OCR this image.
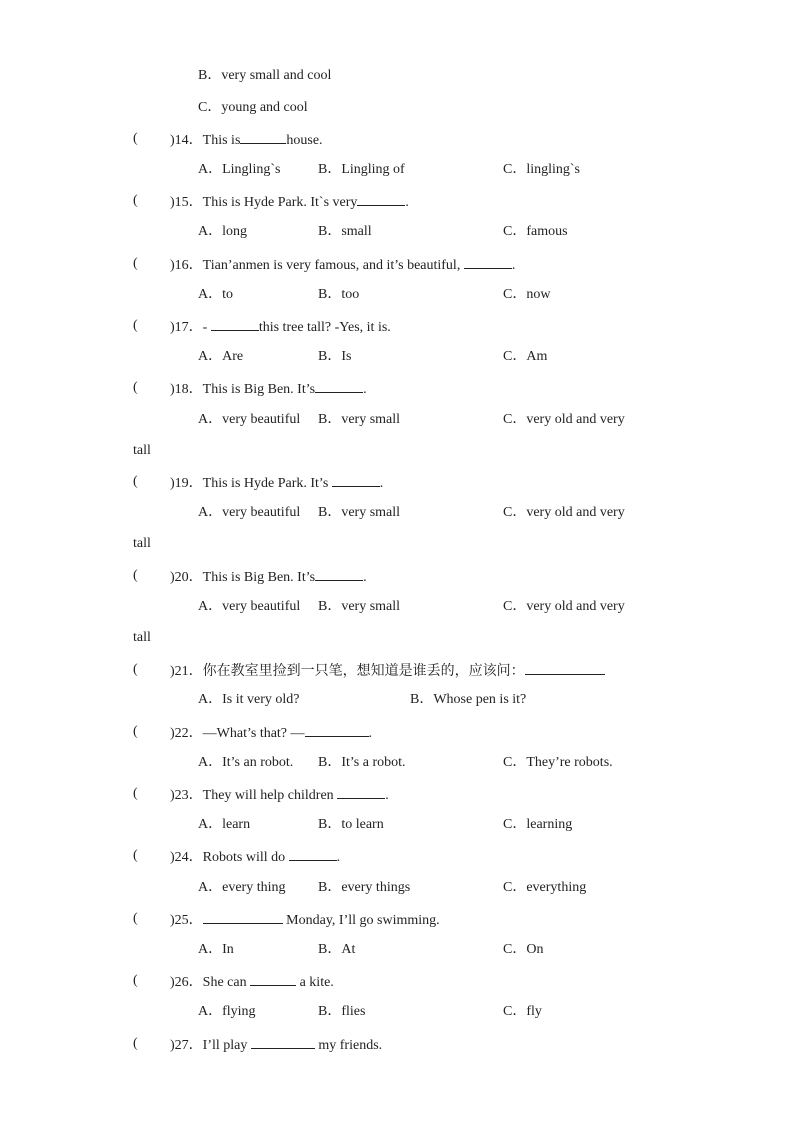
B．very small and cool
C．young and cool
( )14．This is	house.
A．Lingling`s	B．Lingling of	C．lingling`s
( )15．This is Hyde Park. It`s very	.
A．long	B．small	C．famous
( )16．Tian’anmen is very famous, and it’s beautiful,	.
A．to	B．too	C．now
( )17．-	this tree tall? -Yes, it is.
A．Are	B．Is	C．Am
( )18．This is Big Ben. It’s	.
A．very beautiful B．very small	C．very old and very
tall
( )19．This is Hyde Park. It’s	.
A．very beautiful B．very small	C．very old and very
tall
( )20．This is Big Ben. It’s	.
A．very beautiful B．very small	C．very old and very
tall
( )21．你在教室里捡到一只笔，想知道是谁丢的，应该问：
A．Is it very old?	B．Whose pen is it?
( )22．—What’s that? —	.
A．It’s an robot. B．It’s a robot.	C．They’re robots.
( )23．They will help children	.
A．learn	B．to learn	C．learning
( )24．Robots will do	.
A．every thing B．every things	C．everything
( )25．	Monday, I’ll go swimming.
A．In	B．At	C．On
( )26．She can	a kite.
A．flying	B．flies	C．fly
( )27．I’ll play	my friends.
